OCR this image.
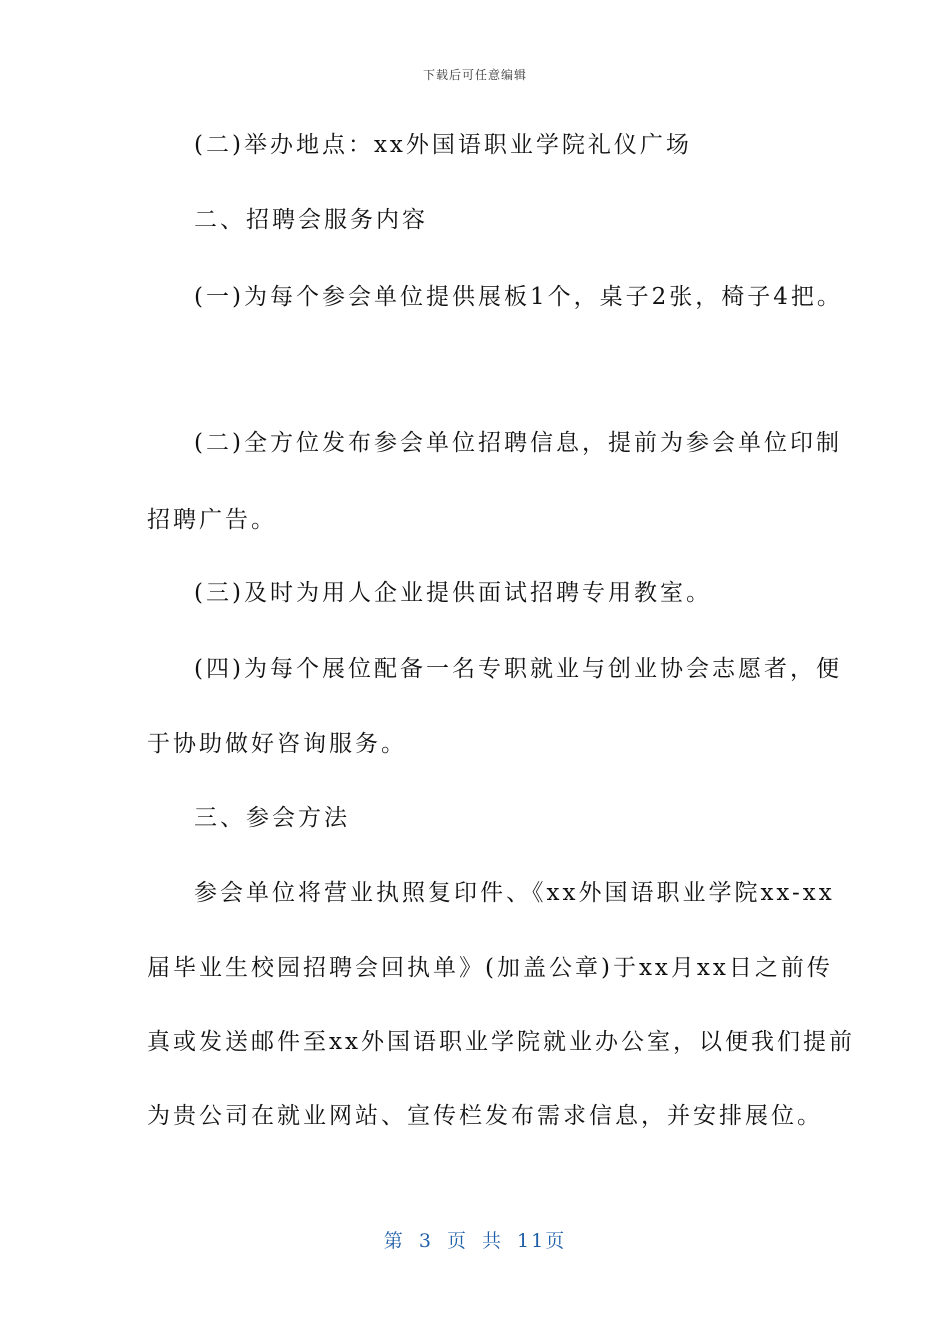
下载后可任意编辑
(二)举办地点：xx外国语职业学院礼仪广场
二、招聘会服务内容
(一)为每个参会单位提供展板1个，桌子2张，椅子4把。
(二)全方位发布参会单位招聘信息，提前为参会单位印制
招聘广告。
(三)及时为用人企业提供面试招聘专用教室。
(四)为每个展位配备一名专职就业与创业协会志愿者，便
于协助做好咨询服务。
三、参会方法
参会单位将营业执照复印件、《xx外国语职业学院xx-xx
届毕业生校园招聘会回执单》(加盖公章)于xx月xx日之前传
真或发送邮件至xx外国语职业学院就业办公室，以便我们提前
为贵公司在就业网站、宣传栏发布需求信息，并安排展位。
第 3 页 共 11页
